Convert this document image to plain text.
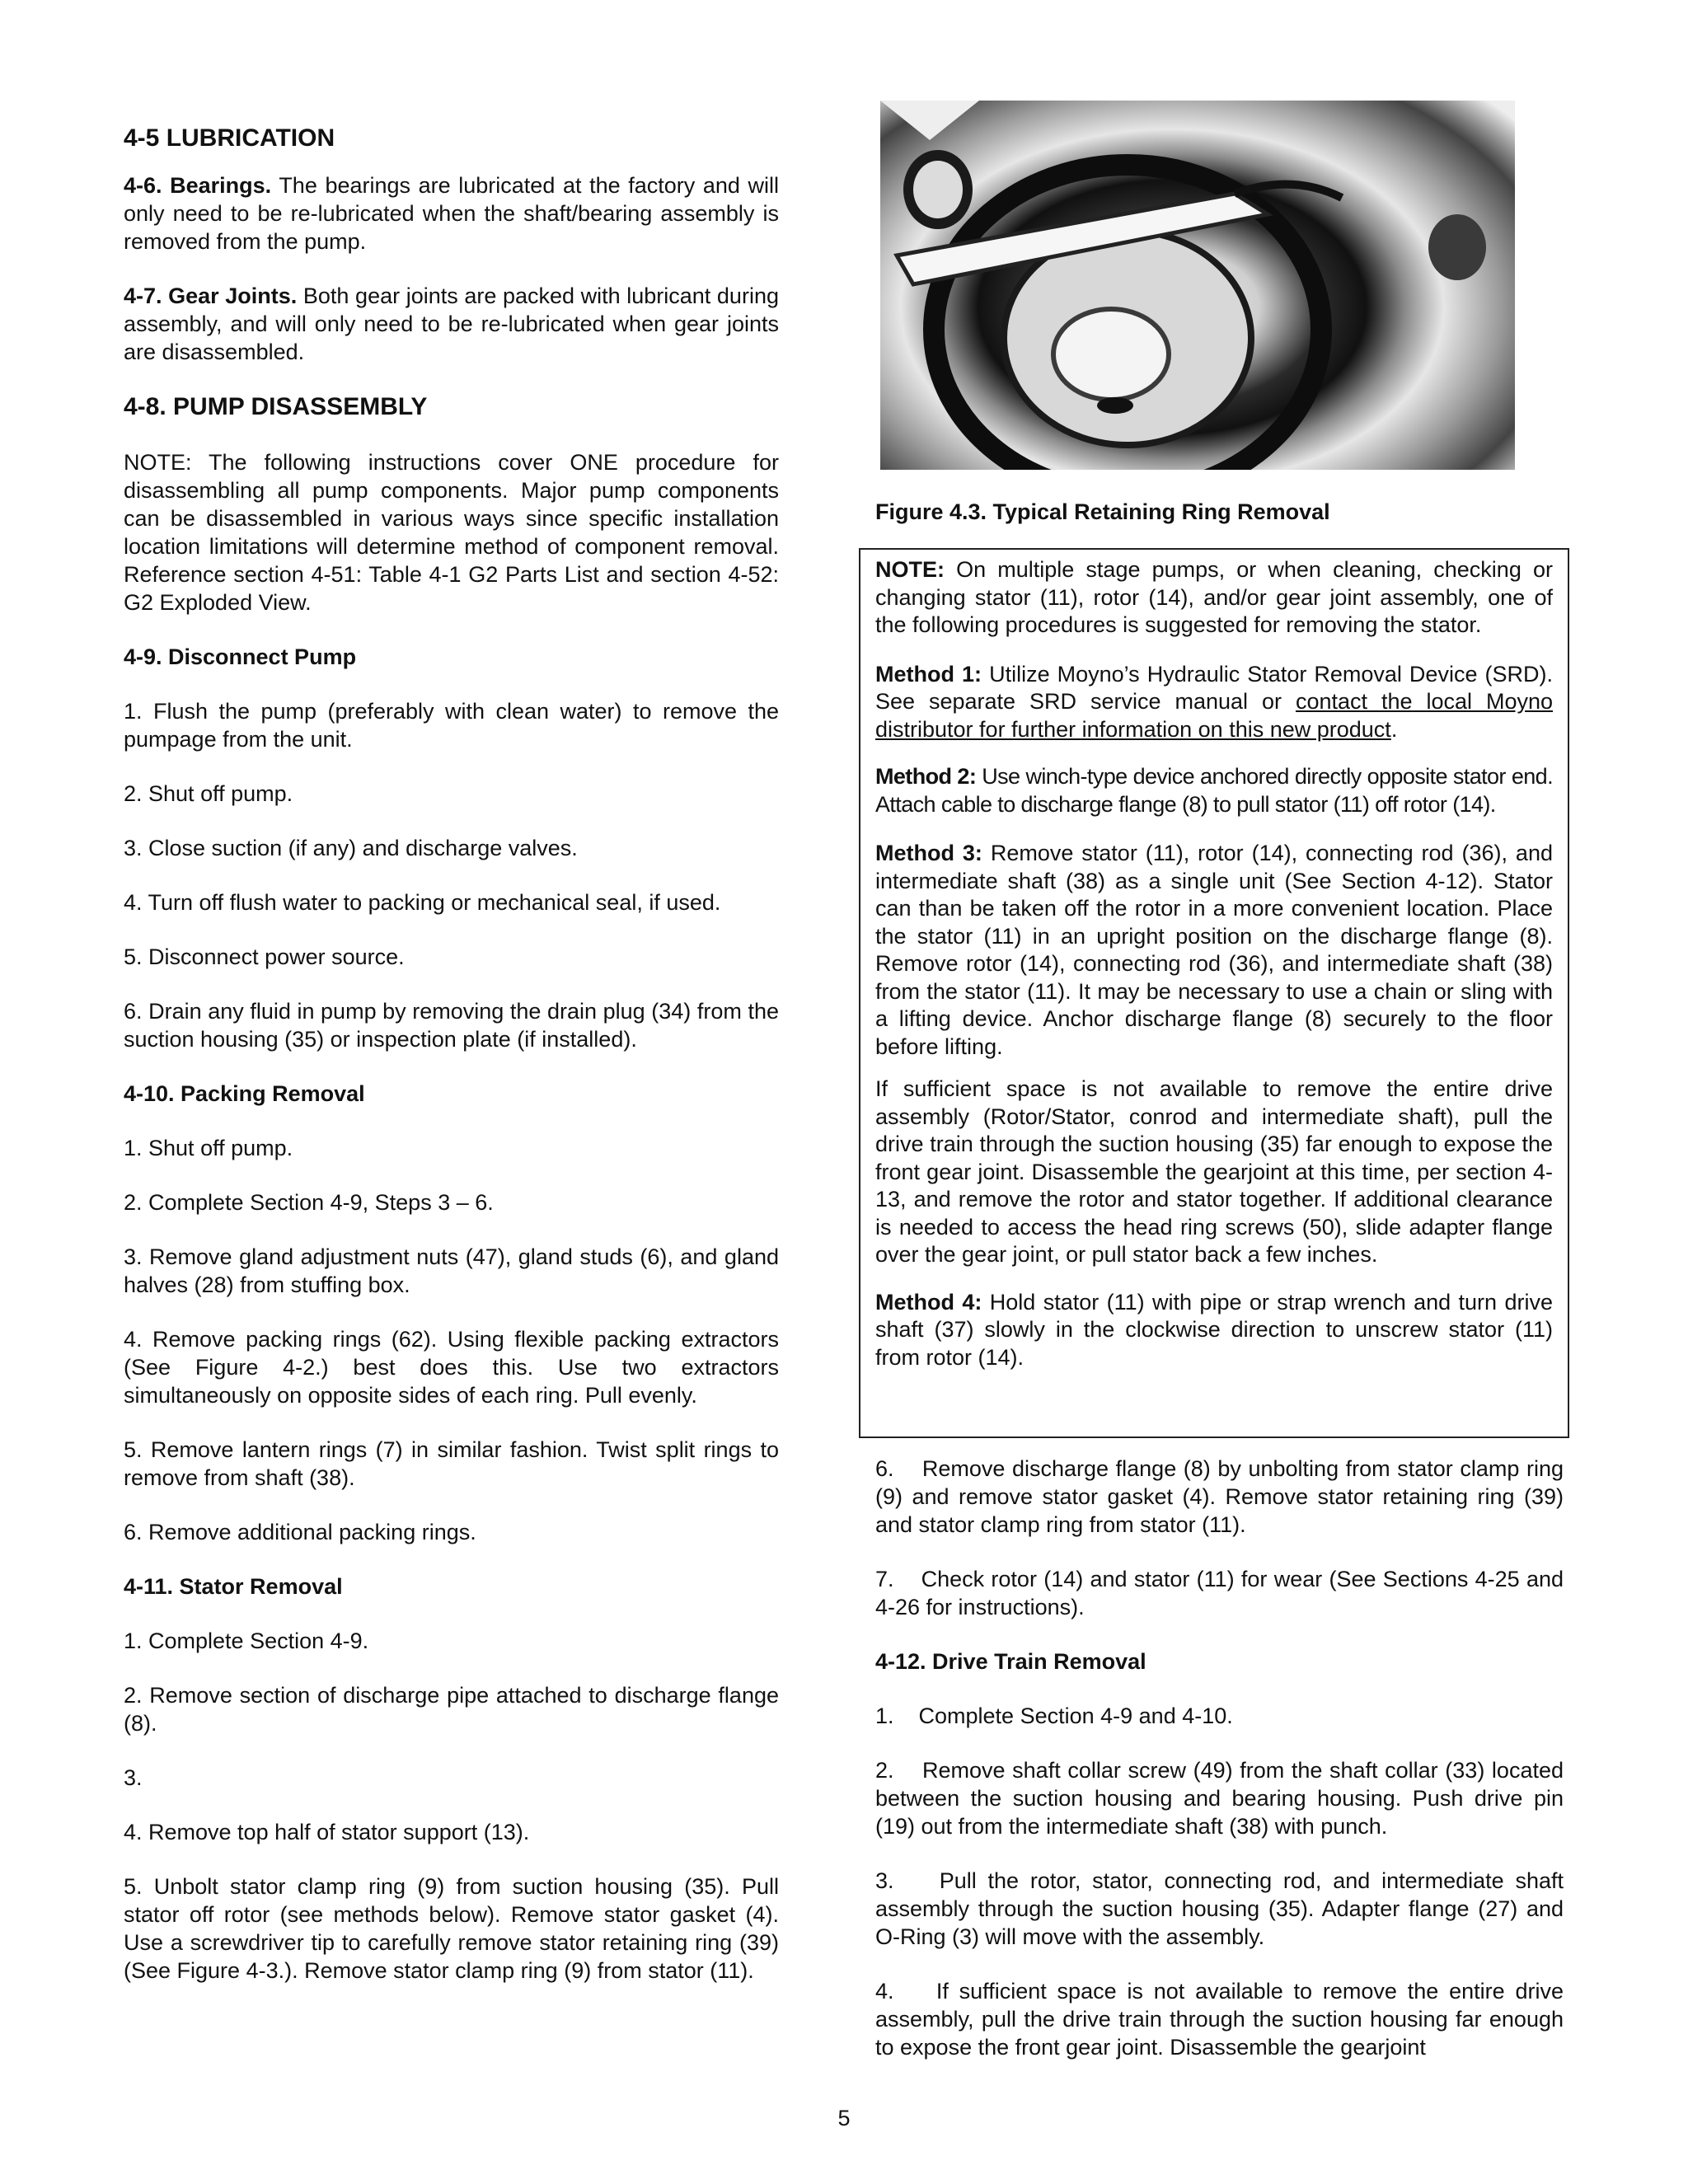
4-5 LUBRICATION

4-6. Bearings. The bearings are lubricated at the factory and will only need to be re-lubricated when the shaft/bearing assembly is removed from the pump.

4-7. Gear Joints. Both gear joints are packed with lubricant during assembly, and will only need to be re-lubricated when gear joints are disassembled.

4-8. PUMP DISASSEMBLY

NOTE: The following instructions cover ONE procedure for disassembling all pump components. Major pump components can be disassembled in various ways since specific installation location limitations will determine method of component removal. Reference section 4-51: Table 4-1 G2 Parts List and section 4-52: G2 Exploded View.

4-9. Disconnect Pump

1. Flush the pump (preferably with clean water) to remove the pumpage from the unit.

2. Shut off pump.

3. Close suction (if any) and discharge valves.

4. Turn off flush water to packing or mechanical seal, if used.

5. Disconnect power source.

6. Drain any fluid in pump by removing the drain plug (34) from the suction housing (35) or inspection plate (if installed).

4-10. Packing Removal

1. Shut off pump.

2. Complete Section 4-9, Steps 3 – 6.

3. Remove gland adjustment nuts (47), gland studs (6), and gland halves (28) from stuffing box.

4. Remove packing rings (62). Using flexible packing extractors (See Figure 4-2.) best does this. Use two extractors simultaneously on opposite sides of each ring. Pull evenly.

5. Remove lantern rings (7) in similar fashion. Twist split rings to remove from shaft (38).

6. Remove additional packing rings.

4-11. Stator Removal

1. Complete Section 4-9.

2. Remove section of discharge pipe attached to discharge flange (8).

3.

4. Remove top half of stator support (13).

5. Unbolt stator clamp ring (9) from suction housing (35). Pull stator off rotor (see methods below). Remove stator gasket (4). Use a screwdriver tip to carefully remove stator retaining ring (39) (See Figure 4-3.). Remove stator clamp ring (9) from stator (11).

Figure 4.3. Typical Retaining Ring Removal

NOTE: On multiple stage pumps, or when cleaning, checking or changing stator (11), rotor (14), and/or gear joint assembly, one of the following procedures is suggested for removing the stator.

Method 1: Utilize Moyno’s Hydraulic Stator Removal Device (SRD). See separate SRD service manual or contact the local Moyno distributor for further information on this new product.

Method 2: Use winch-type device anchored directly opposite stator end. Attach cable to discharge flange (8) to pull stator (11) off rotor (14).

Method 3: Remove stator (11), rotor (14), connecting rod (36), and intermediate shaft (38) as a single unit (See Section 4-12). Stator can than be taken off the rotor in a more convenient location. Place the stator (11) in an upright position on the discharge flange (8). Remove rotor (14), connecting rod (36), and intermediate shaft (38) from the stator (11). It may be necessary to use a chain or sling with a lifting device. Anchor discharge flange (8) securely to the floor before lifting.

If sufficient space is not available to remove the entire drive assembly (Rotor/Stator, conrod and intermediate shaft), pull the drive train through the suction housing (35) far enough to expose the front gear joint. Disassemble the gearjoint at this time, per section 4-13, and remove the rotor and stator together. If additional clearance is needed to access the head ring screws (50), slide adapter flange over the gear joint, or pull stator back a few inches.

Method 4: Hold stator (11) with pipe or strap wrench and turn drive shaft (37) slowly in the clockwise direction to unscrew stator (11) from rotor (14).

6.    Remove discharge flange (8) by unbolting from stator clamp ring (9) and remove stator gasket (4). Remove stator retaining ring (39) and stator clamp ring from stator (11).

7.    Check rotor (14) and stator (11) for wear (See Sections 4-25 and 4-26 for instructions).

4-12. Drive Train Removal

1.    Complete Section 4-9 and 4-10.

2.    Remove shaft collar screw (49) from the shaft collar (33) located between the suction housing and bearing housing. Push drive pin (19) out from the intermediate shaft (38) with punch.

3.    Pull the rotor, stator, connecting rod, and intermediate shaft assembly through the suction housing (35). Adapter flange (27) and O-Ring (3) will move with the assembly.

4.    If sufficient space is not available to remove the entire drive assembly, pull the drive train through the suction housing far enough to expose the front gear joint. Disassemble the gearjoint

5
